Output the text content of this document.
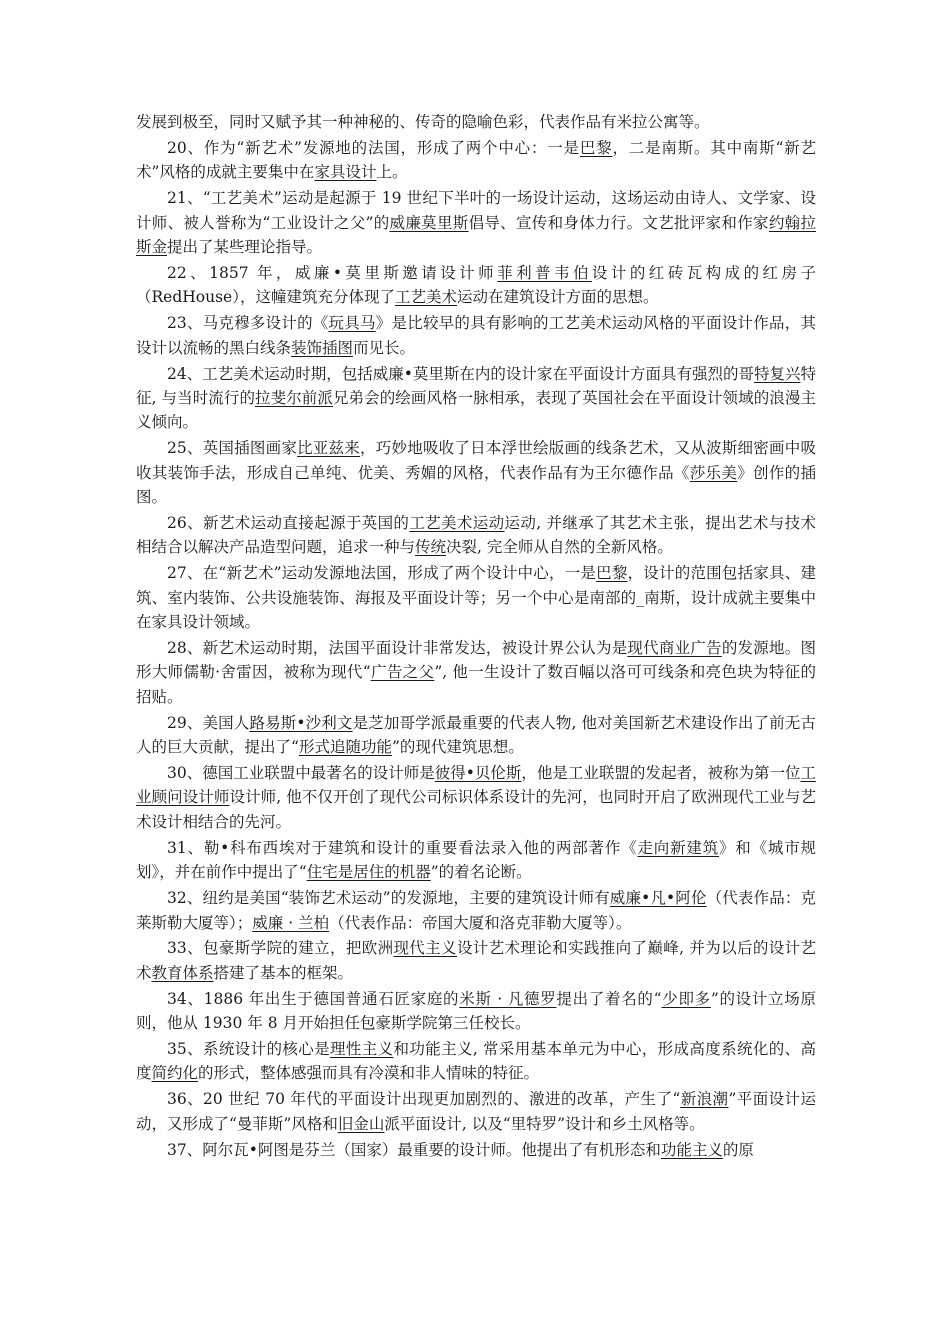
发展到极至，同时又赋予其一种神秘的、传奇的隐喻色彩，代表作品有米拉公寓等。

20、作为“新艺术”发源地的法国，形成了两个中心：一是巴黎，二是南斯。其中南斯“新艺术”风格的成就主要集中在家具设计上。

21、“工艺美术”运动是起源于 19 世纪下半叶的一场设计运动，这场运动由诗人、文学家、设计师、被人誉称为“工业设计之父”的威廉莫里斯倡导、宣传和身体力行。文艺批评家和作家约翰拉斯金提出了某些理论指导。

22、1857 年，威廉•莫里斯邀请设计师菲利普韦伯设计的红砖瓦构成的红房子（RedHouse），这幢建筑充分体现了工艺美术运动在建筑设计方面的思想。

23、马克穆多设计的《玩具马》是比较早的具有影响的工艺美术运动风格的平面设计作品，其设计以流畅的黑白线条装饰插图而见长。

24、工艺美术运动时期，包括威廉•莫里斯在内的设计家在平面设计方面具有强烈的哥特复兴特征, 与当时流行的拉斐尔前派兄弟会的绘画风格一脉相承，表现了英国社会在平面设计领域的浪漫主义倾向。

25、英国插图画家比亚兹来，巧妙地吸收了日本浮世绘版画的线条艺术，又从波斯细密画中吸收其装饰手法，形成自己单纯、优美、秀媚的风格，代表作品有为王尔德作品《莎乐美》创作的插图。

26、新艺术运动直接起源于英国的工艺美术运动运动, 并继承了其艺术主张，提出艺术与技术相结合以解决产品造型问题，追求一种与传统决裂, 完全师从自然的全新风格。

27、在“新艺术”运动发源地法国，形成了两个设计中心，一是巴黎，设计的范围包括家具、建筑、室内装饰、公共设施装饰、海报及平面设计等；另一个中心是南部的_南斯，设计成就主要集中在家具设计领域。

28、新艺术运动时期，法国平面设计非常发达，被设计界公认为是现代商业广告的发源地。图形大师儒勒·舍雷因，被称为现代“广告之父”, 他一生设计了数百幅以洛可可线条和亮色块为特征的招贴。

29、美国人路易斯•沙利文是芝加哥学派最重要的代表人物, 他对美国新艺术建设作出了前无古人的巨大贡献，提出了“形式追随功能”的现代建筑思想。

30、德国工业联盟中最著名的设计师是彼得•贝伦斯，他是工业联盟的发起者，被称为第一位工业顾问设计师设计师, 他不仅开创了现代公司标识体系设计的先河，也同时开启了欧洲现代工业与艺术设计相结合的先河。

31、勒•科布西埃对于建筑和设计的重要看法录入他的两部著作《走向新建筑》和《城市规划》，并在前作中提出了“住宅是居住的机器”的着名论断。

32、纽约是美国“装饰艺术运动”的发源地，主要的建筑设计师有威廉•凡•阿伦（代表作品：克莱斯勒大厦等）；威廉 · 兰柏（代表作品：帝国大厦和洛克菲勒大厦等）。

33、包豪斯学院的建立，把欧洲现代主义设计艺术理论和实践推向了巅峰, 并为以后的设计艺术教育体系搭建了基本的框架。

34、1886 年出生于德国普通石匠家庭的米斯 · 凡德罗提出了着名的“少即多”的设计立场原则，他从 1930 年 8 月开始担任包豪斯学院第三任校长。

35、系统设计的核心是理性主义和功能主义, 常采用基本单元为中心，形成高度系统化的、高度简约化的形式，整体感强而具有冷漠和非人情味的特征。

36、20 世纪 70 年代的平面设计出现更加剧烈的、激进的改革，产生了“新浪潮”平面设计运动，又形成了“曼菲斯”风格和旧金山派平面设计, 以及“里特罗”设计和乡土风格等。

37、阿尔瓦•阿图是芬兰（国家）最重要的设计师。他提出了有机形态和功能主义的原
